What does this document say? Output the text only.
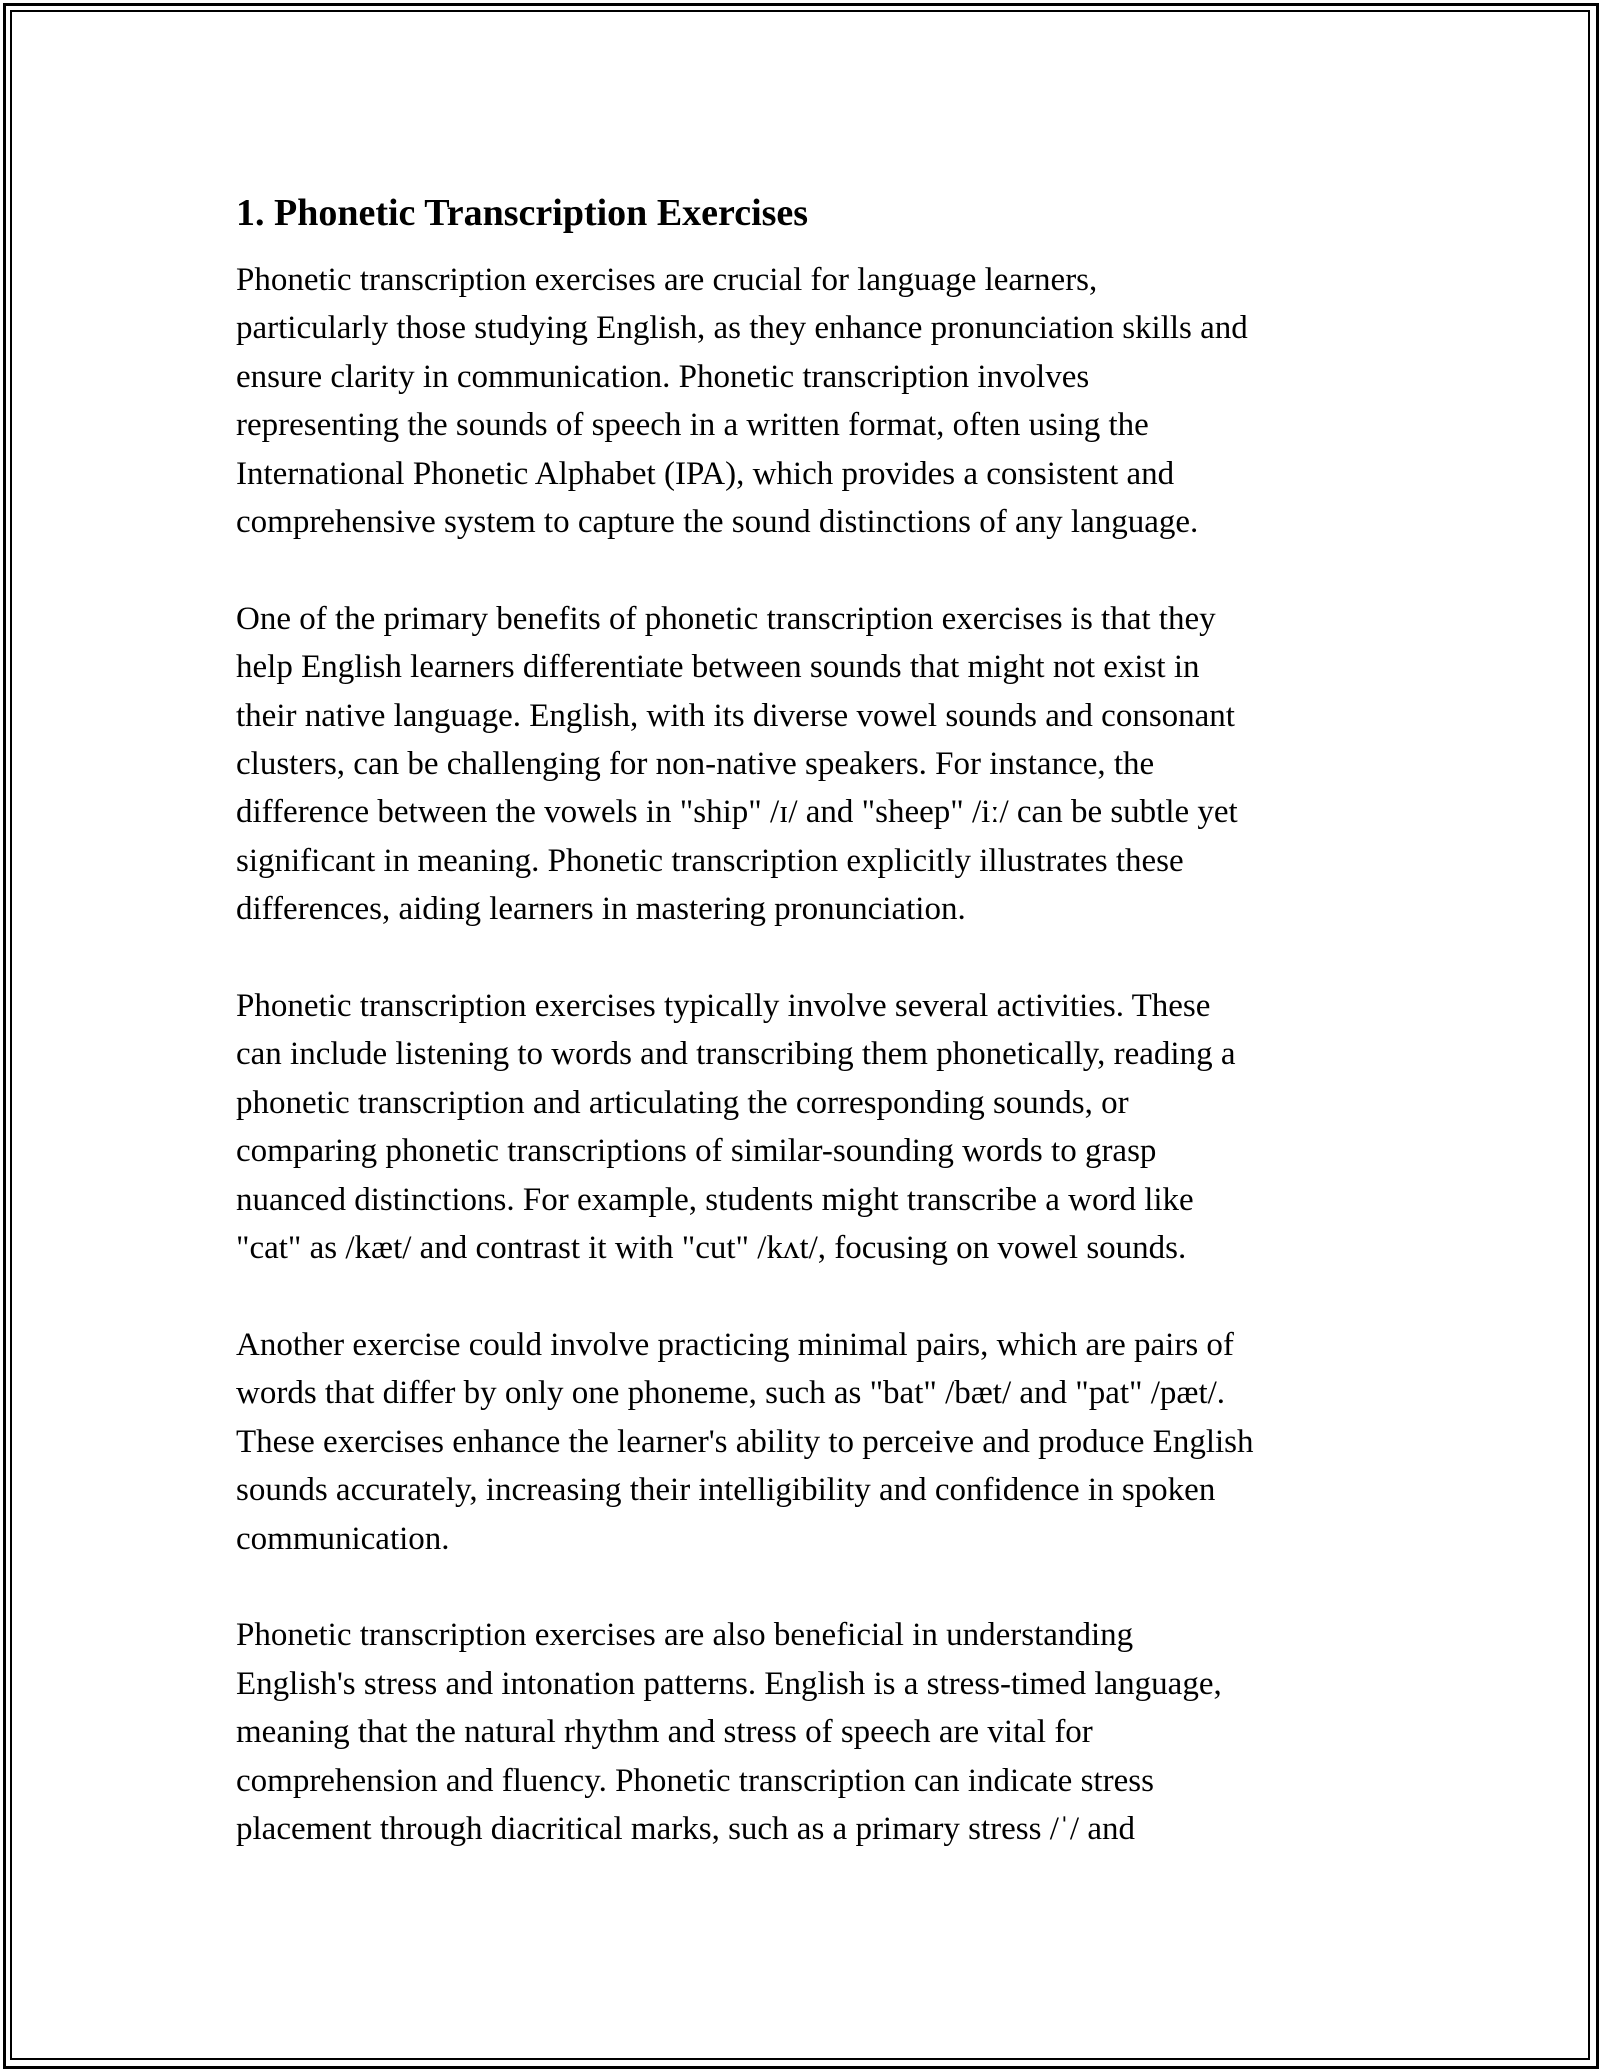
1. Phonetic Transcription Exercises
Phonetic transcription exercises are crucial for language learners,
particularly those studying English, as they enhance pronunciation skills and
ensure clarity in communication. Phonetic transcription involves
representing the sounds of speech in a written format, often using the
International Phonetic Alphabet (IPA), which provides a consistent and
comprehensive system to capture the sound distinctions of any language.
One of the primary benefits of phonetic transcription exercises is that they
help English learners differentiate between sounds that might not exist in
their native language. English, with its diverse vowel sounds and consonant
clusters, can be challenging for non-native speakers. For instance, the
difference between the vowels in "ship" /ɪ/ and "sheep" /iː/ can be subtle yet
significant in meaning. Phonetic transcription explicitly illustrates these
differences, aiding learners in mastering pronunciation.
Phonetic transcription exercises typically involve several activities. These
can include listening to words and transcribing them phonetically, reading a
phonetic transcription and articulating the corresponding sounds, or
comparing phonetic transcriptions of similar-sounding words to grasp
nuanced distinctions. For example, students might transcribe a word like
"cat" as /kæt/ and contrast it with "cut" /kʌt/, focusing on vowel sounds.
Another exercise could involve practicing minimal pairs, which are pairs of
words that differ by only one phoneme, such as "bat" /bæt/ and "pat" /pæt/.
These exercises enhance the learner's ability to perceive and produce English
sounds accurately, increasing their intelligibility and confidence in spoken
communication.
Phonetic transcription exercises are also beneficial in understanding
English's stress and intonation patterns. English is a stress-timed language,
meaning that the natural rhythm and stress of speech are vital for
comprehension and fluency. Phonetic transcription can indicate stress
placement through diacritical marks, such as a primary stress /ˈ/ and
